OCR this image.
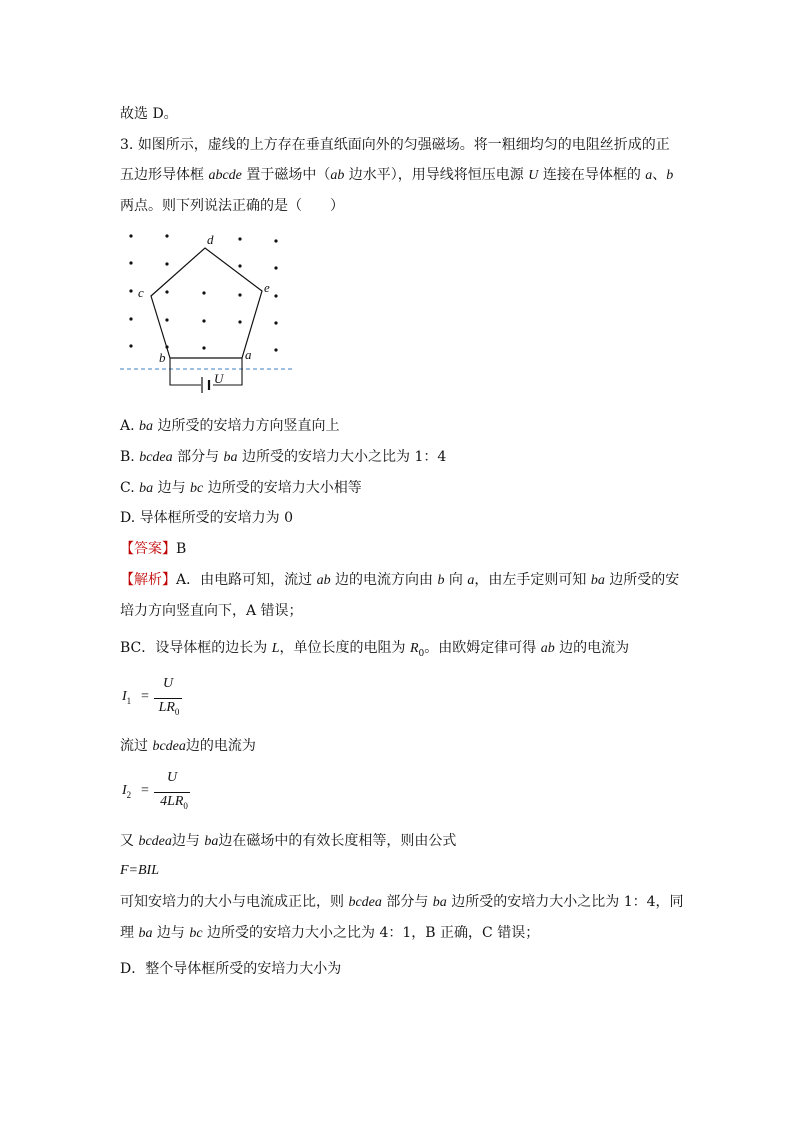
故选 D。
3. 如图所示，虚线的上方存在垂直纸面向外的匀强磁场。将一粗细均匀的电阻丝折成的正
五边形导体框 abcde 置于磁场中（ab 边水平），用导线将恒压电源 U 连接在导体框的 a、b
两点。则下列说法正确的是（　　）
d
c	e
b	a
U
A. ba 边所受的安培力方向竖直向上
B. bcdea 部分与 ba 边所受的安培力大小之比为 1：4
C. ba 边与 bc 边所受的安培力大小相等
D. 导体框所受的安培力为 0
【答案】B
【解析】A．由电路可知，流过 ab 边的电流方向由 b 向 a，由左手定则可知 ba 边所受的安
培力方向竖直向下，A 错误；
BC．设导体框的边长为 L，单位长度的电阻为 $R_0$。由欧姆定律可得 ab 边的电流为
$I_1$ =
U
$LR_0$
流过 bcdea边的电流为
$I_2$ =
U
$4LR_0$
又 bcdea边与 ba边在磁场中的有效长度相等，则由公式
F=BIL
可知安培力的大小与电流成正比，则 bcdea 部分与 ba 边所受的安培力大小之比为 1：4，同
理 ba 边与 bc 边所受的安培力大小之比为 4：1，B 正确，C 错误；
D．整个导体框所受的安培力大小为
